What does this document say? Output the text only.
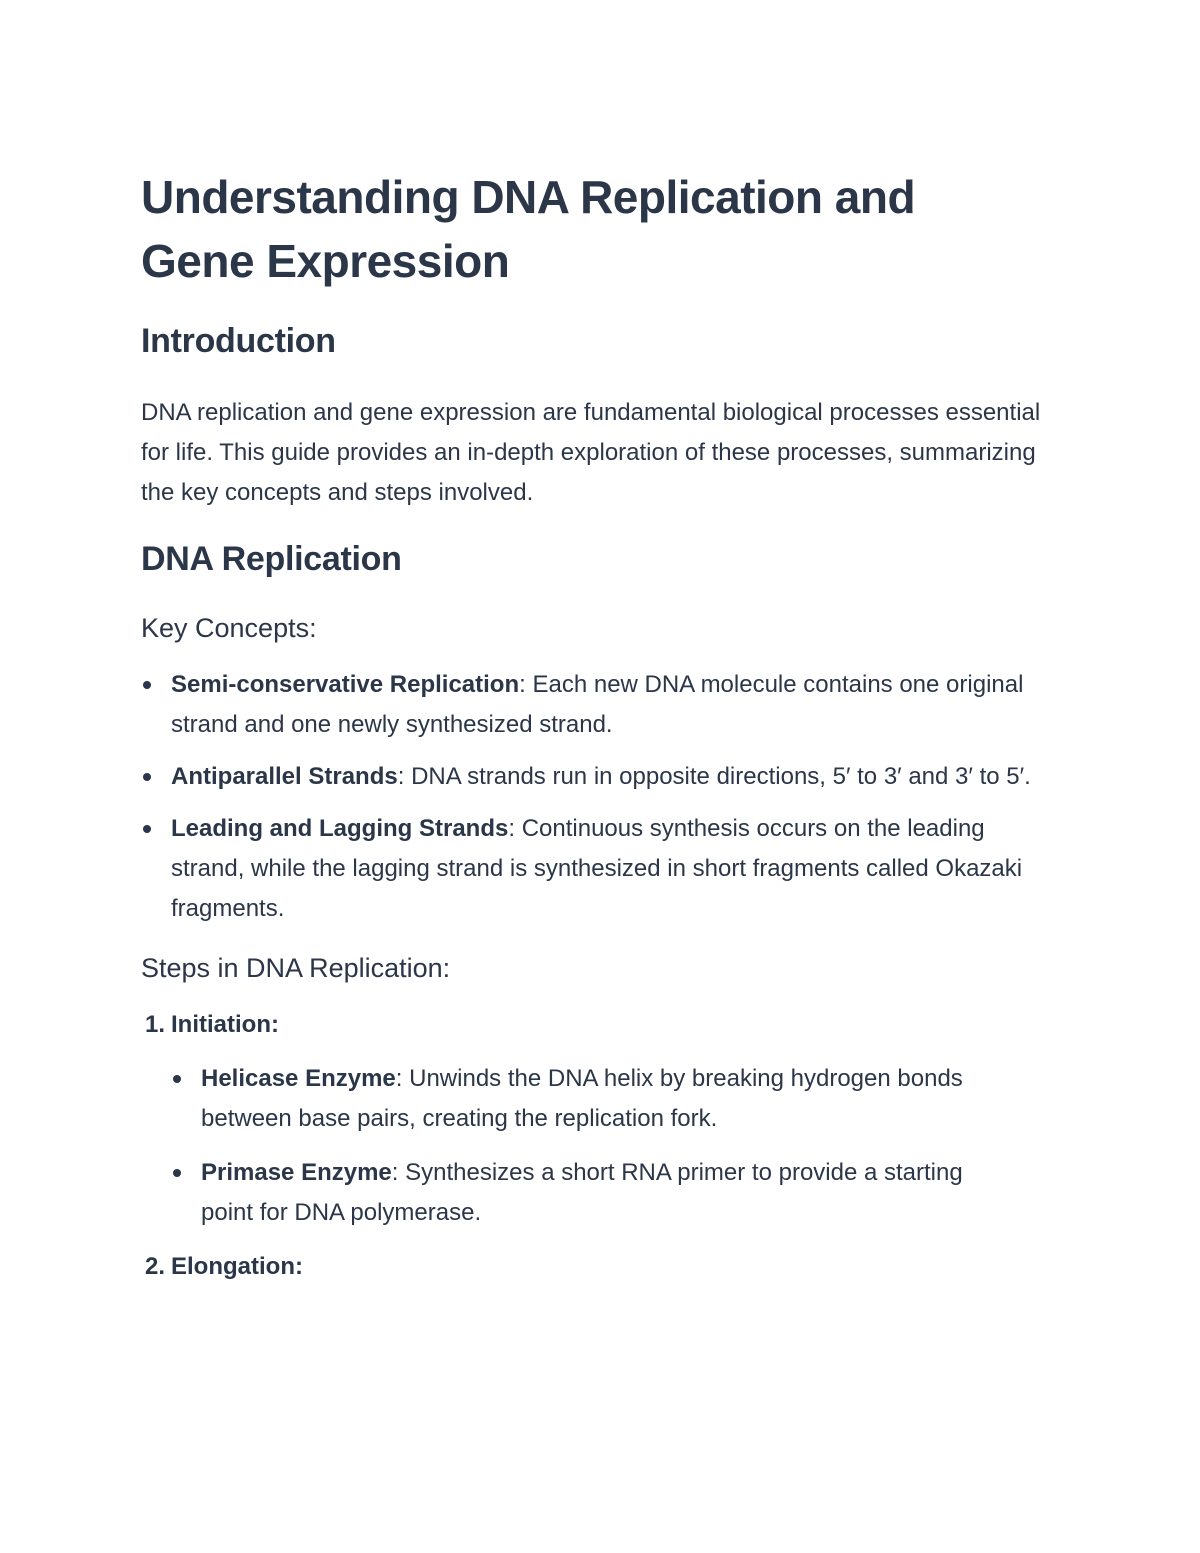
Understanding DNA Replication and Gene Expression
Introduction

DNA replication and gene expression are fundamental biological processes essential for life. This guide provides an in-depth exploration of these processes, summarizing the key concepts and steps involved.

DNA Replication
Key Concepts:
Semi-conservative Replication: Each new DNA molecule contains one original strand and one newly synthesized strand.
Antiparallel Strands: DNA strands run in opposite directions, 5′ to 3′ and 3′ to 5′.
Leading and Lagging Strands: Continuous synthesis occurs on the leading strand, while the lagging strand is synthesized in short fragments called Okazaki fragments.
Steps in DNA Replication:
1. Initiation:
Helicase Enzyme: Unwinds the DNA helix by breaking hydrogen bonds between base pairs, creating the replication fork.
Primase Enzyme: Synthesizes a short RNA primer to provide a starting point for DNA polymerase.
2. Elongation:
